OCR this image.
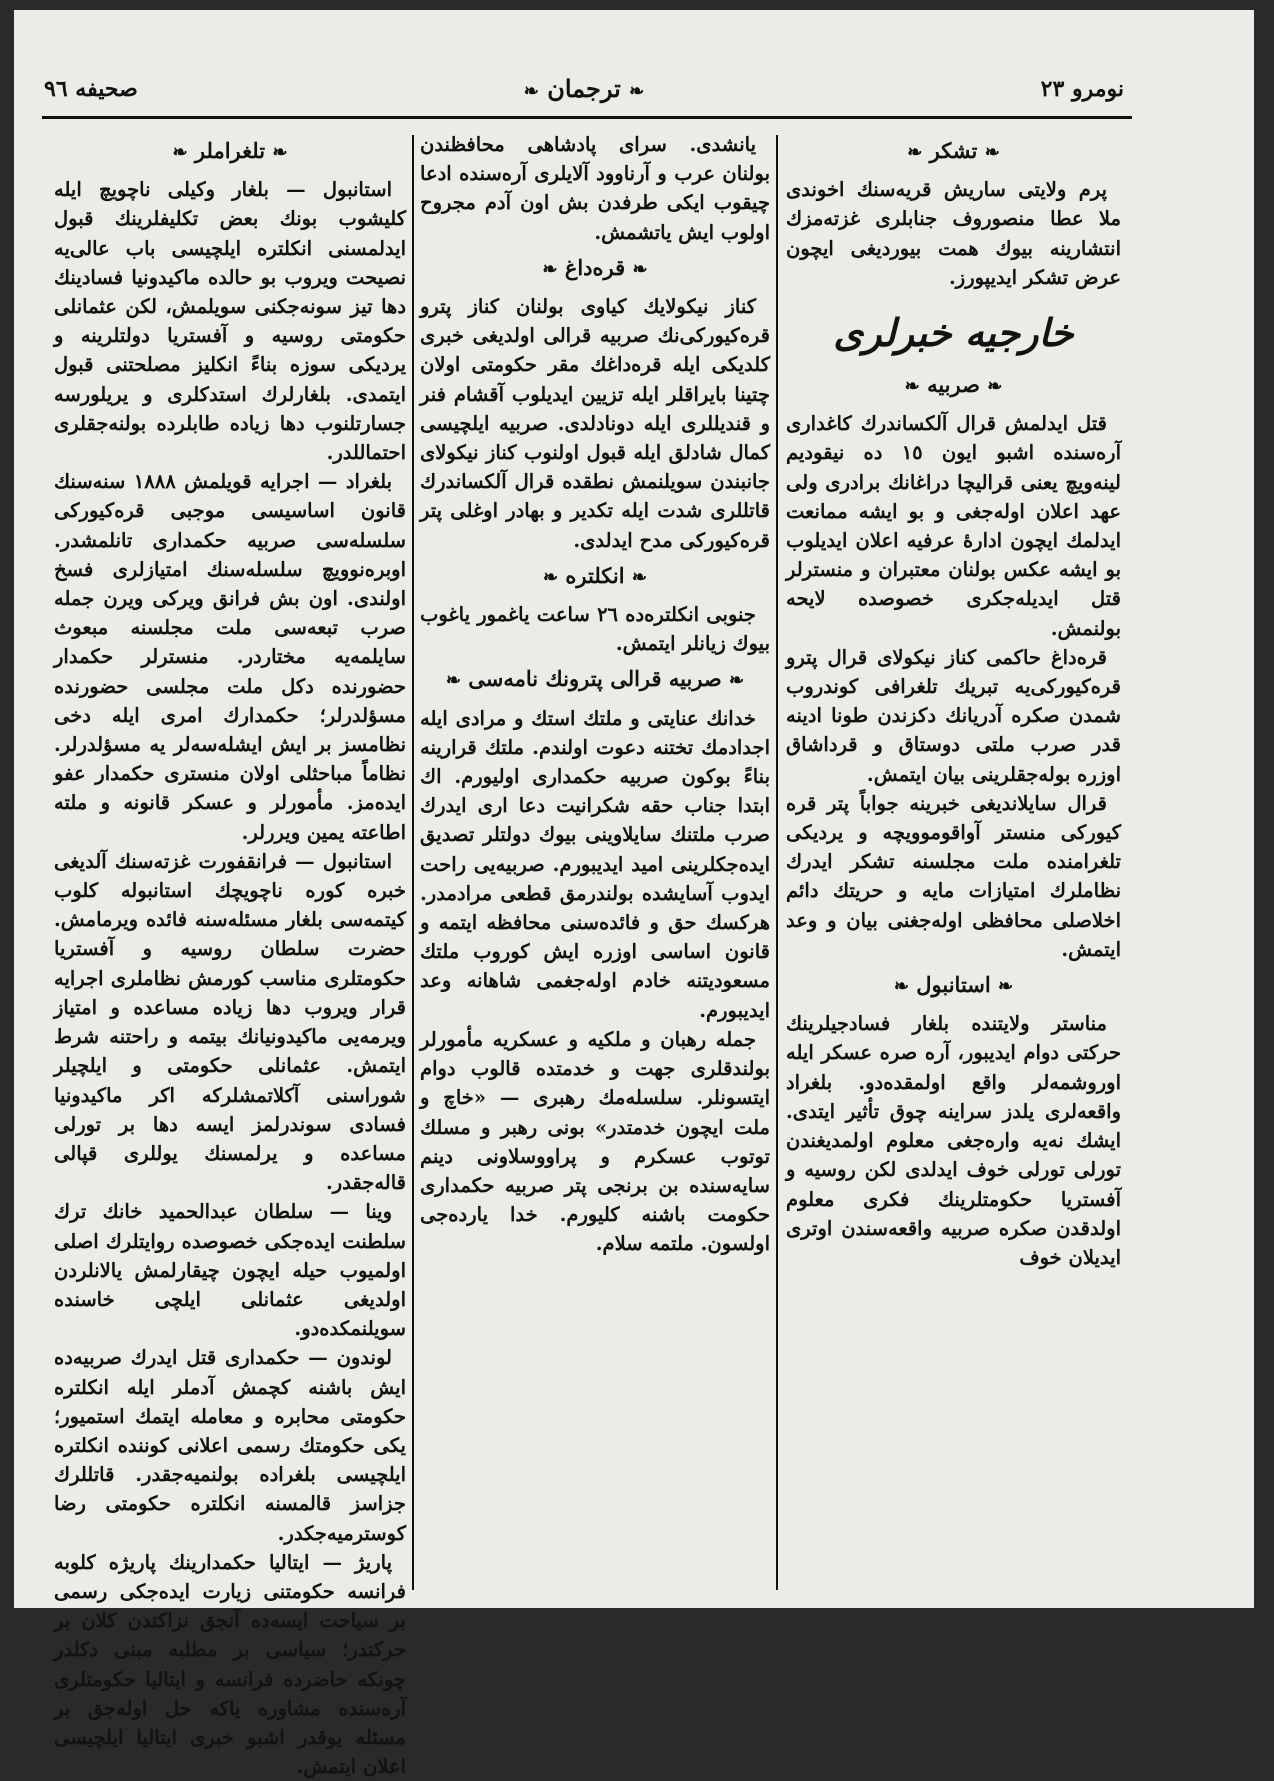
نومرو ٢٣
❧ ترجمان ❧
صحيفه ٩٦
❧ تشكر ❧

پرم ولايتى ساريش قريه‌سنك اخوندى ملا عطا منصوروف جنابلرى غزته‌مزك انتشارينه بيوك همت بيورديغى ايچون عرض تشكر ايديپورز.

خارجيه خبرلرى
❧ صربيه ❧

قتل ايدلمش قرال آلكساندرك كاغدارى آره‌سنده اشبو ايون ١٥ ده نيقوديم لينه‌ويچ يعنى قراليچا دراغانك برادرى ولى عهد اعلان اوله‌جغى و بو ايشه ممانعت ايدلمك ايچون ادارهٔ عرفيه اعلان ايديلوب بو ايشه عكس بولنان معتبران و منسترلر قتل ايديله‌جكرى خصوصده لايحه بولنمش.

قره‌داغ حاكمى كناز نيكولاى قرال پترو قره‌كيوركى‌يه تبريك تلغرافى كوندروب شمدن صكره آدريانك دكزندن طونا ادينه قدر صرب ملتى دوستاق و قرداشاق اوزره بوله‌جقلرينى بيان ايتمش.

قرال سايلانديغى خبرينه جواباً پتر قره كيوركى منستر آواقوموويچه و يرديكى تلغرامنده ملت مجلسنه تشكر ايدرك نظاملرك امتيازات مايه و حريتك دائم اخلاصلى محافظى اوله‌جغنى بيان و وعد ايتمش.

❧ استانبول ❧

مناستر ولايتنده بلغار فسادجيلرينك حركتى دوام ايديبور، آره صره عسكر ايله اوروشمه‌لر واقع اولمقده‌دو. بلغراد واقعه‌لرى يلدز سراينه چوق تأثير ايتدى. ايشك نه‌يه وارەجغى معلوم اولمديغندن تورلى تورلى خوف ايدلدى لكن روسيه و آفستريا حكومتلرينك فكرى معلوم اولدقدن صكره صربيه واقعه‌سندن اوترى ايديلان خوف

يانشدى. سراى پادشاهى محافظندن بولنان عرب و آرناوود آلايلرى آره‌سنده ادعا چيقوب ايكى طرفدن بش اون آدم مجروح اولوب ايش ياتشمش.

❧ قره‌داغ ❧

كناز نيكولايك كياوى بولنان كناز پترو قره‌كيوركى‌نك صربيه قرالى اولديغى خبرى كلديكى ايله قره‌داغك مقر حكومتى اولان چتينا بايراقلر ايله تزيين ايديلوب آقشام فنر و قنديللرى ايله دونادلدى. صربيه ايلچيسى كمال شادلق ايله قبول اولنوب كناز نيكولاى جانبندن سويلنمش نطقده قرال آلكساندرك قاتللرى شدت ايله تكدير و بهادر اوغلى پتر قره‌كيوركى مدح ايدلدى.

❧ انكلتره ❧

جنوبى انكلتره‌ده ٢٦ ساعت ياغمور ياغوب بيوك زيانلر ايتمش.

❧ صربيه قرالى پترونك نامه‌سى ❧

خدانك عنايتى و ملتك استك و مرادى ايله اجدادمك تختنه دعوت اولندم. ملتك قرارينه بناءً بوكون صربيه حكمدارى اوليورم. اك ابتدا جناب حقه شكرانيت دعا ارى ايدرك صرب ملتنك سايلاوينى بيوك دولتلر تصديق ايده‌جكلرينى اميد ايديبورم. صربيه‌يى راحت ايدوب آسايشده بولندرمق قطعى مرادمدر. هركسك حق و فائده‌سنى محافظه ايتمه و قانون اساسى اوزره ايش كوروب ملتك مسعوديتنه خادم اوله‌جغمى شاهانه وعد ايديبورم.

جمله رهبان و ملكيه و عسكريه مأمورلر بولندقلرى جهت و خدمتده قالوب دوام ايتسونلر. سلسله‌مك رهبرى — «خاچ و ملت ايچون خدمتدر» بونى رهبر و مسلك توتوب عسكرم و پراووسلاونى دينم سايه‌سنده بن برنجى پتر صربيه حكمدارى حكومت باشنه كليورم. خدا يارده‌جى اولسون. ملتمه سلام.

❧ تلغراملر ❧

استانبول — بلغار وكيلى ناچويچ ايله كليشوب بونك بعض تكليفلرينك قبول ايدلمسنى انكلتره ايلچيسى باب عالى‌يه نصيحت ويروب بو حالده ماكيدونيا فسادينك دها تيز سونه‌جكنى سويلمش، لكن عثمانلى حكومتى روسيه و آفستريا دولتلرينه و يرديكى سوزه بناءً انكليز مصلحتنى قبول ايتمدى. بلغارلرك استدكلرى و يريلورسه جسارتلنوب دها زياده طابلرده بولنه‌جقلرى احتماللدر.

بلغراد — اجرايه قويلمش ١٨٨٨ سنه‌سنك قانون اساسيسى موجبى قره‌كيوركى سلسله‌سى صربيه حكمدارى تانلمشدر. اوبره‌نوويچ سلسله‌سنك امتيازلرى فسخ اولندى. اون بش فرانق ويركى ويرن جمله صرب تبعه‌سى ملت مجلسنه مبعوث سايلمه‌يه مختاردر. منسترلر حكمدار حضورنده دكل ملت مجلسى حضورنده مسؤلدرلر؛ حكمدارك امرى ايله دخى نظامسز بر ايش ايشله‌سه‌لر يه مسؤلدرلر. نظاماً مباحثلى اولان منسترى حكمدار عفو ايده‌مز. مأمورلر و عسكر قانونه و ملته اطاعته يمين ويررلر.

استانبول — فرانقفورت غزته‌سنك آلديغى خبره كوره ناچويچك استانبوله كلوب كيتمه‌سى بلغار مسئله‌سنه فائده ويرمامش. حضرت سلطان روسيه و آفستريا حكومتلرى مناسب كورمش نظاملرى اجرايه قرار ويروب دها زياده مساعده و امتياز ويرمه‌يى ماكيدونيانك بيتمه و راحتنه شرط ايتمش. عثمانلى حكومتى و ايلچيلر شوراسنى آكلاتمشلركه اكر ماكيدونيا فسادى سوندرلمز ايسه دها بر تورلى مساعده و يرلمسنك يوللرى قپالى قاله‌جقدر.

وينا — سلطان عبدالحميد خانك ترك سلطنت ايده‌جكى خصوصده روايتلرك اصلى اولميوب حيله ايچون چيقارلمش يالانلردن اولديغى عثمانلى ايلچى خاسنده سويلنمكده‌دو.

لوندون — حكمدارى قتل ايدرك صربيه‌ده ايش باشنه كچمش آدملر ايله انكلتره حكومتى محابره و معامله ايتمك استميور؛ يكى حكومتك رسمى اعلانى كوننده انكلتره ايلچيسى بلغراده بولنميه‌جقدر. قاتللرك جزاسز قالمسنه انكلتره حكومتى رضا كوسترميه‌جكدر.

پاريژ — ايتاليا حكمدارينك پاريژه كلوبه فرانسه حكومتنى زيارت ايده‌جكى رسمى بر سياحت ايسه‌ده آنجق نزاكتدن كلان بر حركتدر؛ سياسى بر مطلبه مبنى دكلدر چونكه حاضرده فرانسه و ايتاليا حكومتلرى آره‌سنده مشاوره ياكه حل اوله‌جق بر مسئله يوقدر اشبو خبرى ايتاليا ايلچيسى اعلان ايتمش.
